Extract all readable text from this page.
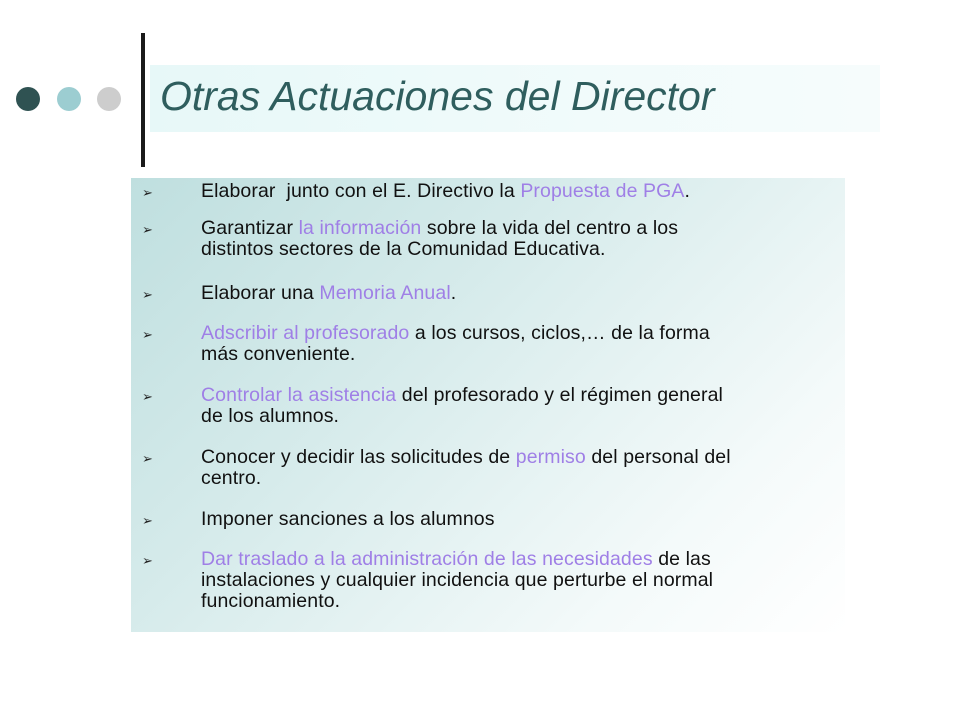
Otras Actuaciones del Director
➢ Elaborar  junto con el E. Directivo la Propuesta de PGA.
➢ Garantizar la información sobre la vida del centro a los
distintos sectores de la Comunidad Educativa.
➢ Elaborar una Memoria Anual.
➢ Adscribir al profesorado a los cursos, ciclos,… de la forma
más conveniente.
➢ Controlar la asistencia del profesorado y el régimen general
de los alumnos.
➢ Conocer y decidir las solicitudes de permiso del personal del
centro.
➢ Imponer sanciones a los alumnos
➢ Dar traslado a la administración de las necesidades de las
instalaciones y cualquier incidencia que perturbe el normal
funcionamiento.
